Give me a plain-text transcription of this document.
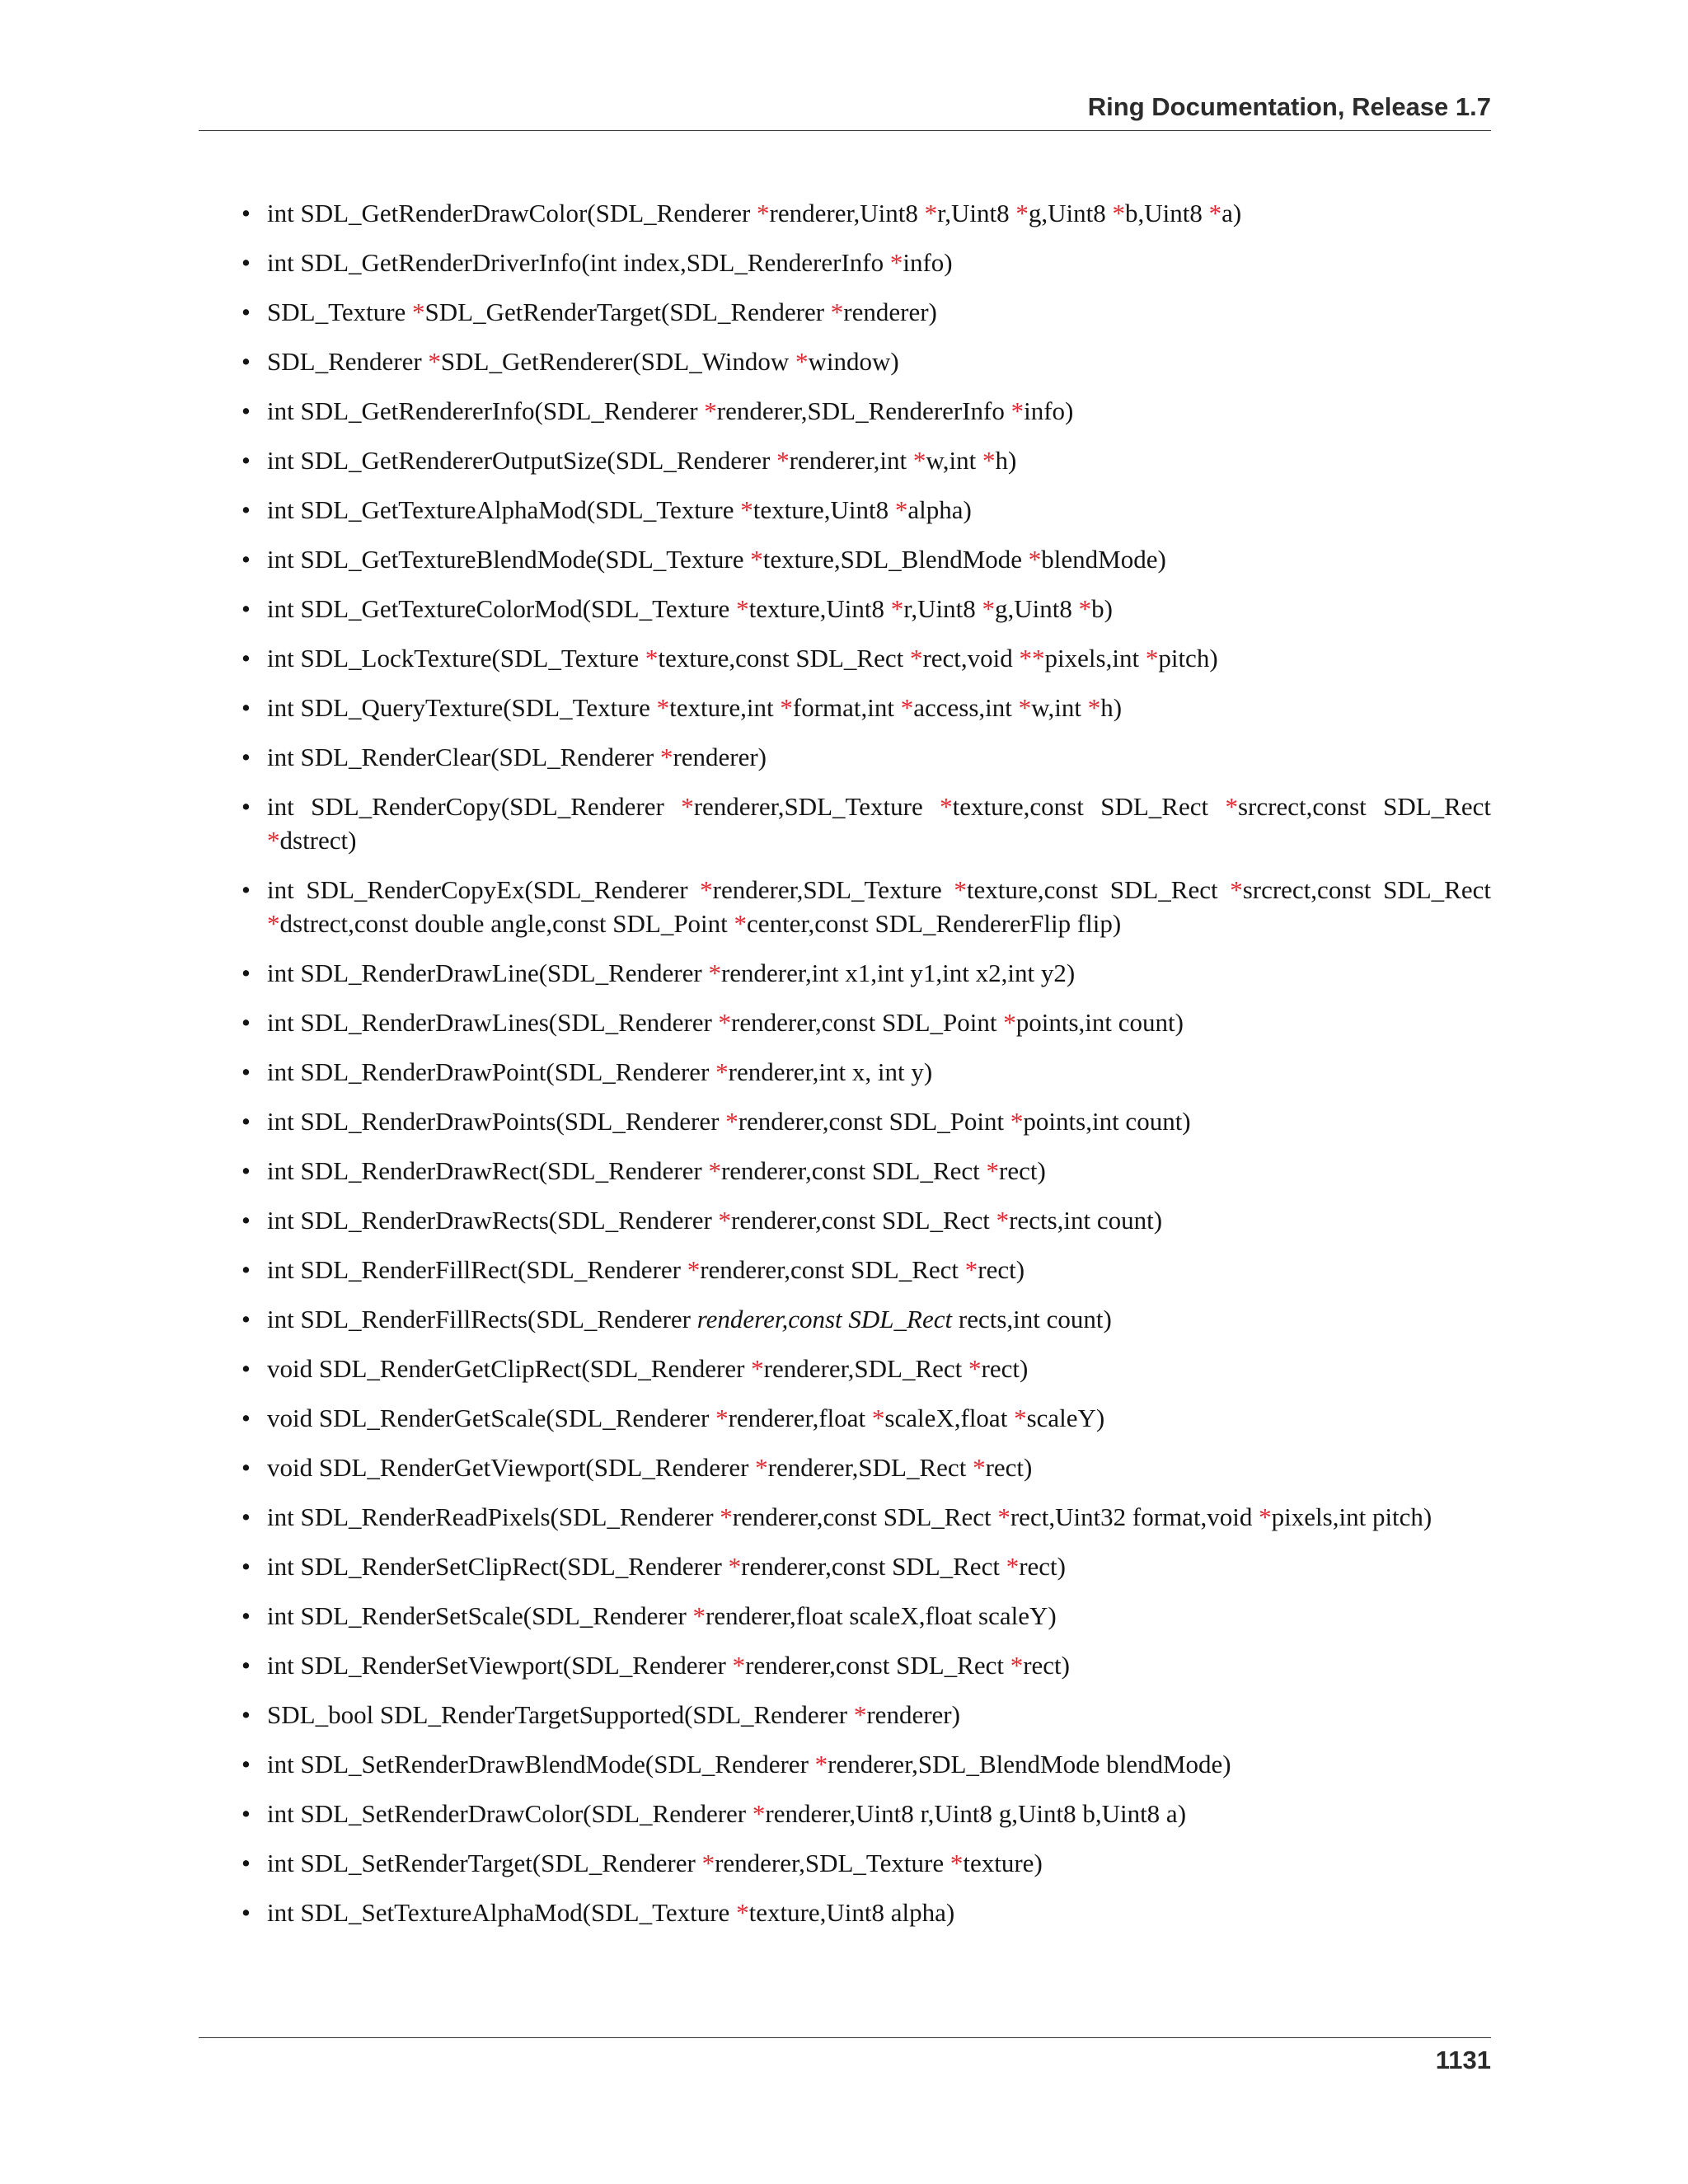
Ring Documentation, Release 1.7
• int SDL_GetRenderDrawColor(SDL_Renderer *renderer,Uint8 *r,Uint8 *g,Uint8 *b,Uint8 *a)
• int SDL_GetRenderDriverInfo(int index,SDL_RendererInfo *info)
• SDL_Texture *SDL_GetRenderTarget(SDL_Renderer *renderer)
• SDL_Renderer *SDL_GetRenderer(SDL_Window *window)
• int SDL_GetRendererInfo(SDL_Renderer *renderer,SDL_RendererInfo *info)
• int SDL_GetRendererOutputSize(SDL_Renderer *renderer,int *w,int *h)
• int SDL_GetTextureAlphaMod(SDL_Texture *texture,Uint8 *alpha)
• int SDL_GetTextureBlendMode(SDL_Texture *texture,SDL_BlendMode *blendMode)
• int SDL_GetTextureColorMod(SDL_Texture *texture,Uint8 *r,Uint8 *g,Uint8 *b)
• int SDL_LockTexture(SDL_Texture *texture,const SDL_Rect *rect,void **pixels,int *pitch)
• int SDL_QueryTexture(SDL_Texture *texture,int *format,int *access,int *w,int *h)
• int SDL_RenderClear(SDL_Renderer *renderer)
• int SDL_RenderCopy(SDL_Renderer *renderer,SDL_Texture *texture,const SDL_Rect *srcrect,const SDL_Rect *dstrect)
• int SDL_RenderCopyEx(SDL_Renderer *renderer,SDL_Texture *texture,const SDL_Rect *srcrect,const SDL_Rect *dstrect,const double angle,const SDL_Point *center,const SDL_RendererFlip flip)
• int SDL_RenderDrawLine(SDL_Renderer *renderer,int x1,int y1,int x2,int y2)
• int SDL_RenderDrawLines(SDL_Renderer *renderer,const SDL_Point *points,int count)
• int SDL_RenderDrawPoint(SDL_Renderer *renderer,int x, int y)
• int SDL_RenderDrawPoints(SDL_Renderer *renderer,const SDL_Point *points,int count)
• int SDL_RenderDrawRect(SDL_Renderer *renderer,const SDL_Rect *rect)
• int SDL_RenderDrawRects(SDL_Renderer *renderer,const SDL_Rect *rects,int count)
• int SDL_RenderFillRect(SDL_Renderer *renderer,const SDL_Rect *rect)
• int SDL_RenderFillRects(SDL_Renderer renderer,const SDL_Rect rects,int count)
• void SDL_RenderGetClipRect(SDL_Renderer *renderer,SDL_Rect *rect)
• void SDL_RenderGetScale(SDL_Renderer *renderer,float *scaleX,float *scaleY)
• void SDL_RenderGetViewport(SDL_Renderer *renderer,SDL_Rect *rect)
• int SDL_RenderReadPixels(SDL_Renderer *renderer,const SDL_Rect *rect,Uint32 format,void *pixels,int pitch)
• int SDL_RenderSetClipRect(SDL_Renderer *renderer,const SDL_Rect *rect)
• int SDL_RenderSetScale(SDL_Renderer *renderer,float scaleX,float scaleY)
• int SDL_RenderSetViewport(SDL_Renderer *renderer,const SDL_Rect *rect)
• SDL_bool SDL_RenderTargetSupported(SDL_Renderer *renderer)
• int SDL_SetRenderDrawBlendMode(SDL_Renderer *renderer,SDL_BlendMode blendMode)
• int SDL_SetRenderDrawColor(SDL_Renderer *renderer,Uint8 r,Uint8 g,Uint8 b,Uint8 a)
• int SDL_SetRenderTarget(SDL_Renderer *renderer,SDL_Texture *texture)
• int SDL_SetTextureAlphaMod(SDL_Texture *texture,Uint8 alpha)
1131
